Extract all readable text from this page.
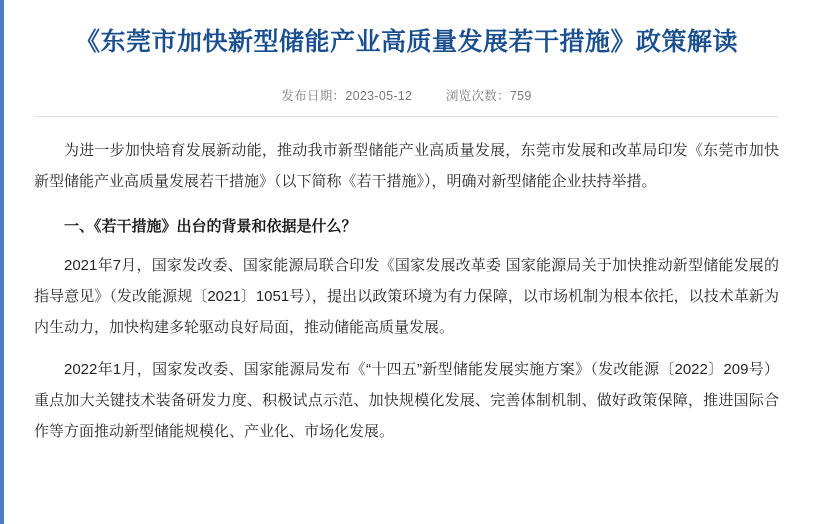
《东莞市加快新型储能产业高质量发展若干措施》政策解读
发布日期：2023-05-12	浏览次数：759

为进一步加快培育发展新动能，推动我市新型储能产业高质量发展，东莞市发展和改革局印发《东莞市加快新型储能产业高质量发展若干措施》（以下简称《若干措施》），明确对新型储能企业扶持举措。

一、《若干措施》出台的背景和依据是什么？

2021年7月，国家发改委、国家能源局联合印发《国家发展改革委 国家能源局关于加快推动新型储能发展的指导意见》（发改能源规〔2021〕1051号），提出以政策环境为有力保障，以市场机制为根本依托，以技术革新为内生动力，加快构建多轮驱动良好局面，推动储能高质量发展。

2022年1月，国家发改委、国家能源局发布《“十四五”新型储能发展实施方案》（发改能源〔2022〕209号）重点加大关键技术装备研发力度、积极试点示范、加快规模化发展、完善体制机制、做好政策保障，推进国际合作等方面推动新型储能规模化、产业化、市场化发展。
